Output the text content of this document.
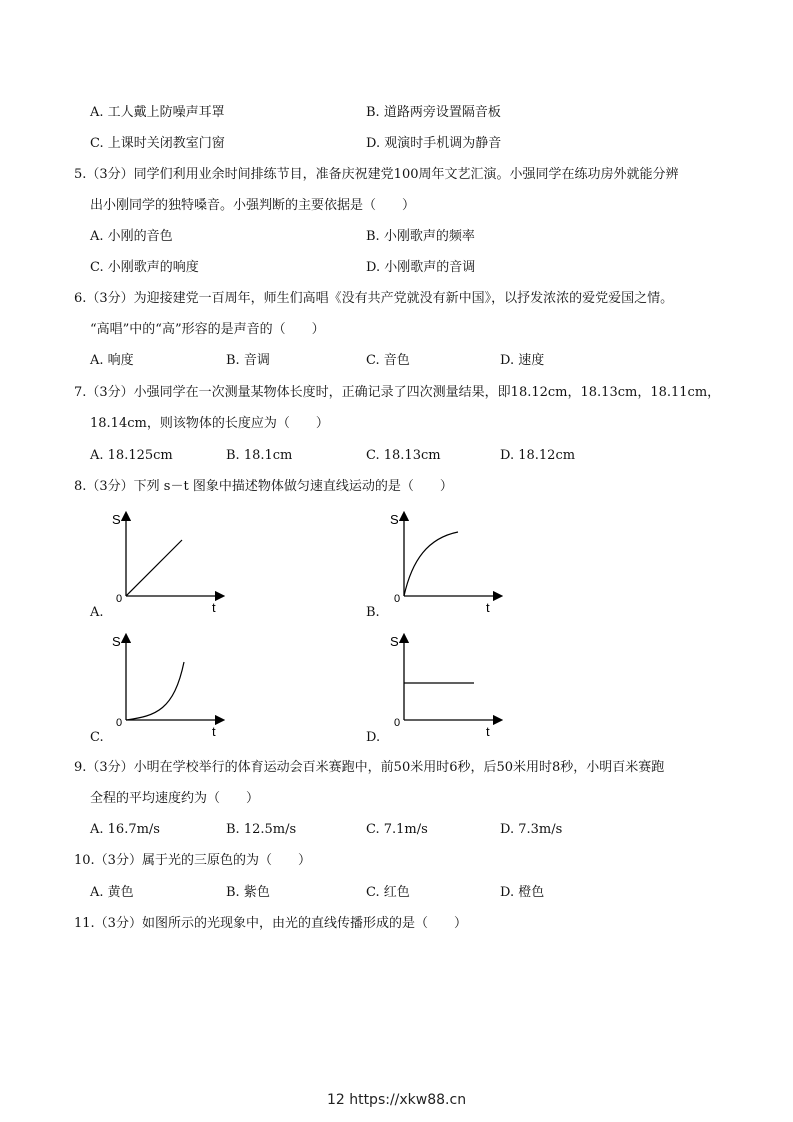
A. 工人戴上防噪声耳罩	B. 道路两旁设置隔音板
C. 上课时关闭教室门窗	D. 观演时手机调为静音
5.（3分）同学们利用业余时间排练节目，准备庆祝建党100周年文艺汇演。小强同学在练功房外就能分辨
出小刚同学的独特嗓音。小强判断的主要依据是（　　）
A. 小刚的音色	B. 小刚歌声的频率
C. 小刚歌声的响度	D. 小刚歌声的音调
6.（3分）为迎接建党一百周年，师生们高唱《没有共产党就没有新中国》，以抒发浓浓的爱党爱国之情。
“高唱”中的“高”形容的是声音的（　　）
A. 响度	B. 音调	C. 音色	D. 速度
7.（3分）小强同学在一次测量某物体长度时，正确记录了四次测量结果，即18.12cm，18.13cm，18.11cm，
18.14cm，则该物体的长度应为（　　）
A. 18.125cm	B. 18.1cm	C. 18.13cm	D. 18.12cm
8.（3分）下列 s－t 图象中描述物体做匀速直线运动的是（　　）
S
t
0
A.
S
t
0
B.
S
t
0
C.
S
t
0
D.
9.（3分）小明在学校举行的体育运动会百米赛跑中，前50米用时6秒，后50米用时8秒，小明百米赛跑
全程的平均速度约为（　　）
A. 16.7m/s	B. 12.5m/s	C. 7.1m/s	D. 7.3m/s
10.（3分）属于光的三原色的为（　　）
A. 黄色	B. 紫色	C. 红色	D. 橙色
11.（3分）如图所示的光现象中，由光的直线传播形成的是（　　）
12 https://xkw88.cn
